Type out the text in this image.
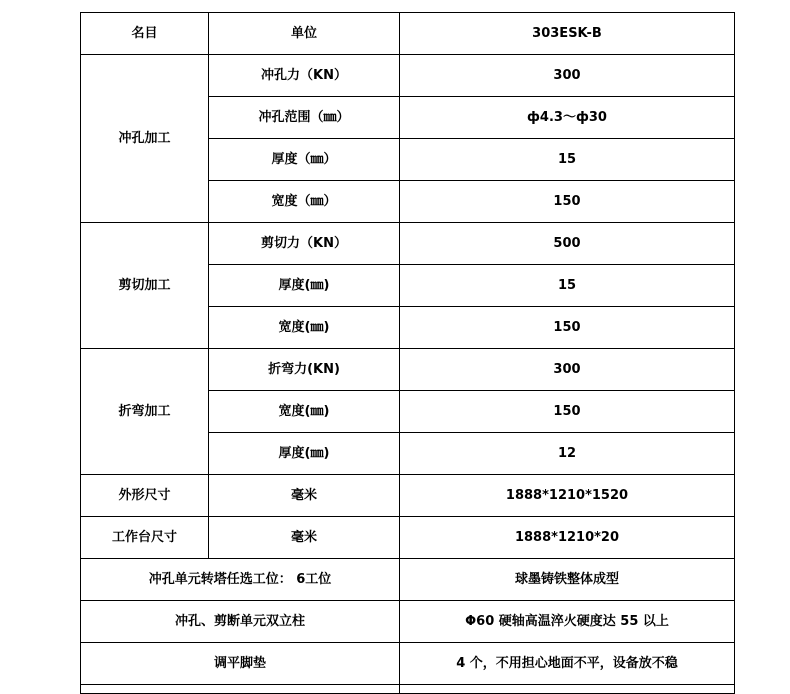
名目	单位	303ESK-B
冲孔加工	冲孔力（KN）	300
	冲孔范围（㎜）	ф4.3～ф30
	厚度（㎜）	15
	宽度（㎜）	150
剪切加工	剪切力（KN）	500
	厚度(㎜)	15
	宽度(㎜)	150
折弯加工	折弯力(KN)	300
	宽度(㎜)	150
	厚度(㎜)	12
外形尺寸	毫米	1888*1210*1520
工作台尺寸	毫米	1888*1210*20
冲孔单元转塔任选工位： 6工位		球墨铸铁整体成型
冲孔、剪断单元双立柱		Φ60 硬轴高温淬火硬度达 55 以上
调平脚垫		4 个，不用担心地面不平，设备放不稳
